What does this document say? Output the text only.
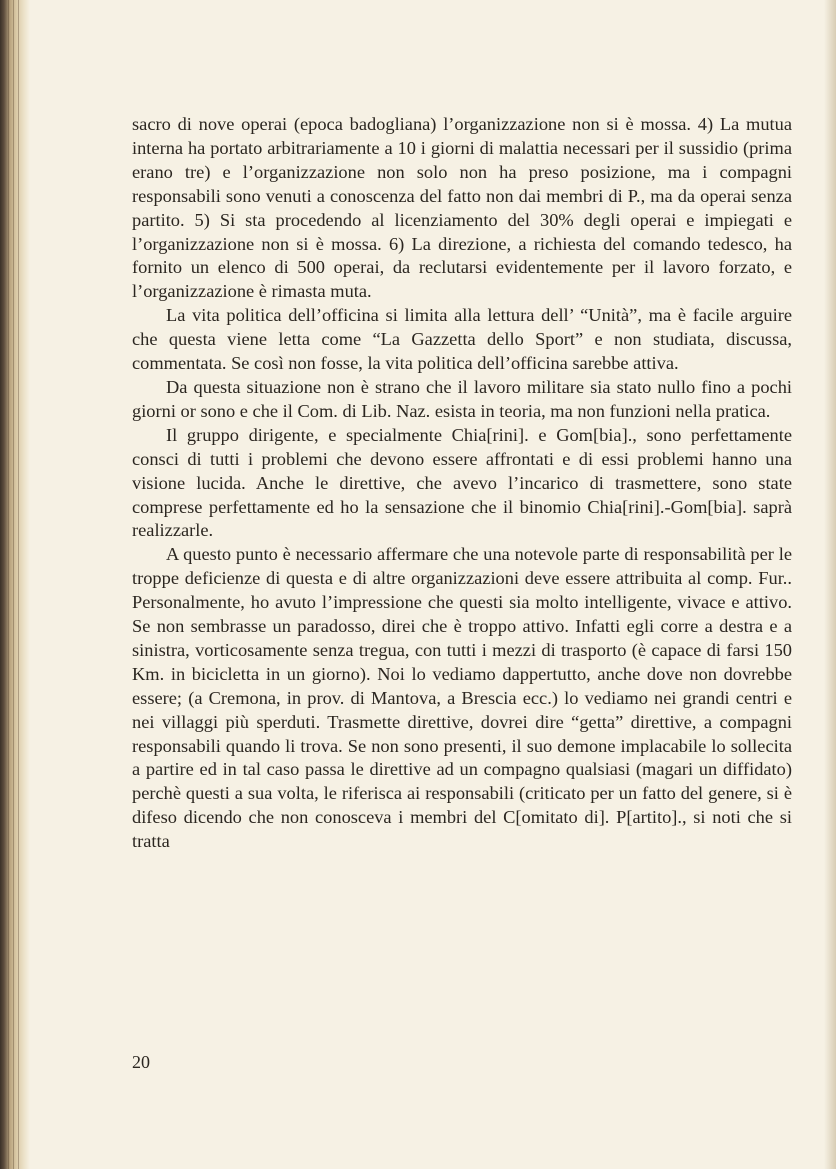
sacro di nove operai (epoca badogliana) l’organizzazione non si è mossa. 4) La mutua interna ha portato arbitrariamente a 10 i giorni di malattia necessari per il sussidio (prima erano tre) e l’organizzazione non solo non ha preso posizione, ma i compagni responsabili sono venuti a conoscenza del fatto non dai membri di P., ma da operai senza partito. 5) Si sta procedendo al licenziamento del 30% degli operai e impiegati e l’organizzazione non si è mossa. 6) La direzione, a richiesta del comando tedesco, ha fornito un elenco di 500 operai, da reclutarsi evidentemente per il lavoro forzato, e l’organizzazione è rimasta muta.

La vita politica dell’officina si limita alla lettura dell’ “Unità”, ma è facile arguire che questa viene letta come “La Gazzetta dello Sport” e non studiata, discussa, commentata. Se così non fosse, la vita politica dell’officina sarebbe attiva.

Da questa situazione non è strano che il lavoro militare sia stato nullo fino a pochi giorni or sono e che il Com. di Lib. Naz. esista in teoria, ma non funzioni nella pratica.

Il gruppo dirigente, e specialmente Chia[rini]. e Gom[bia]., sono perfettamente consci di tutti i problemi che devono essere affrontati e di essi problemi hanno una visione lucida. Anche le direttive, che avevo l’incarico di trasmettere, sono state comprese perfettamente ed ho la sensazione che il binomio Chia[rini].-Gom[bia]. saprà realizzarle.

A questo punto è necessario affermare che una notevole parte di responsabilità per le troppe deficienze di questa e di altre organizzazioni deve essere attribuita al comp. Fur.. Personalmente, ho avuto l’impressione che questi sia molto intelligente, vivace e attivo. Se non sembrasse un paradosso, direi che è troppo attivo. Infatti egli corre a destra e a sinistra, vorticosamente senza tregua, con tutti i mezzi di trasporto (è capace di farsi 150 Km. in bicicletta in un giorno). Noi lo vediamo dappertutto, anche dove non dovrebbe essere; (a Cremona, in prov. di Mantova, a Brescia ecc.) lo vediamo nei grandi centri e nei villaggi più sperduti. Trasmette direttive, dovrei dire “getta” direttive, a compagni responsabili quando li trova. Se non sono presenti, il suo demone implacabile lo sollecita a partire ed in tal caso passa le direttive ad un compagno qualsiasi (magari un diffidato) perchè questi a sua volta, le riferisca ai responsabili (criticato per un fatto del genere, si è difeso dicendo che non conosceva i membri del C[omitato di]. P[artito]., si noti che si tratta

20
